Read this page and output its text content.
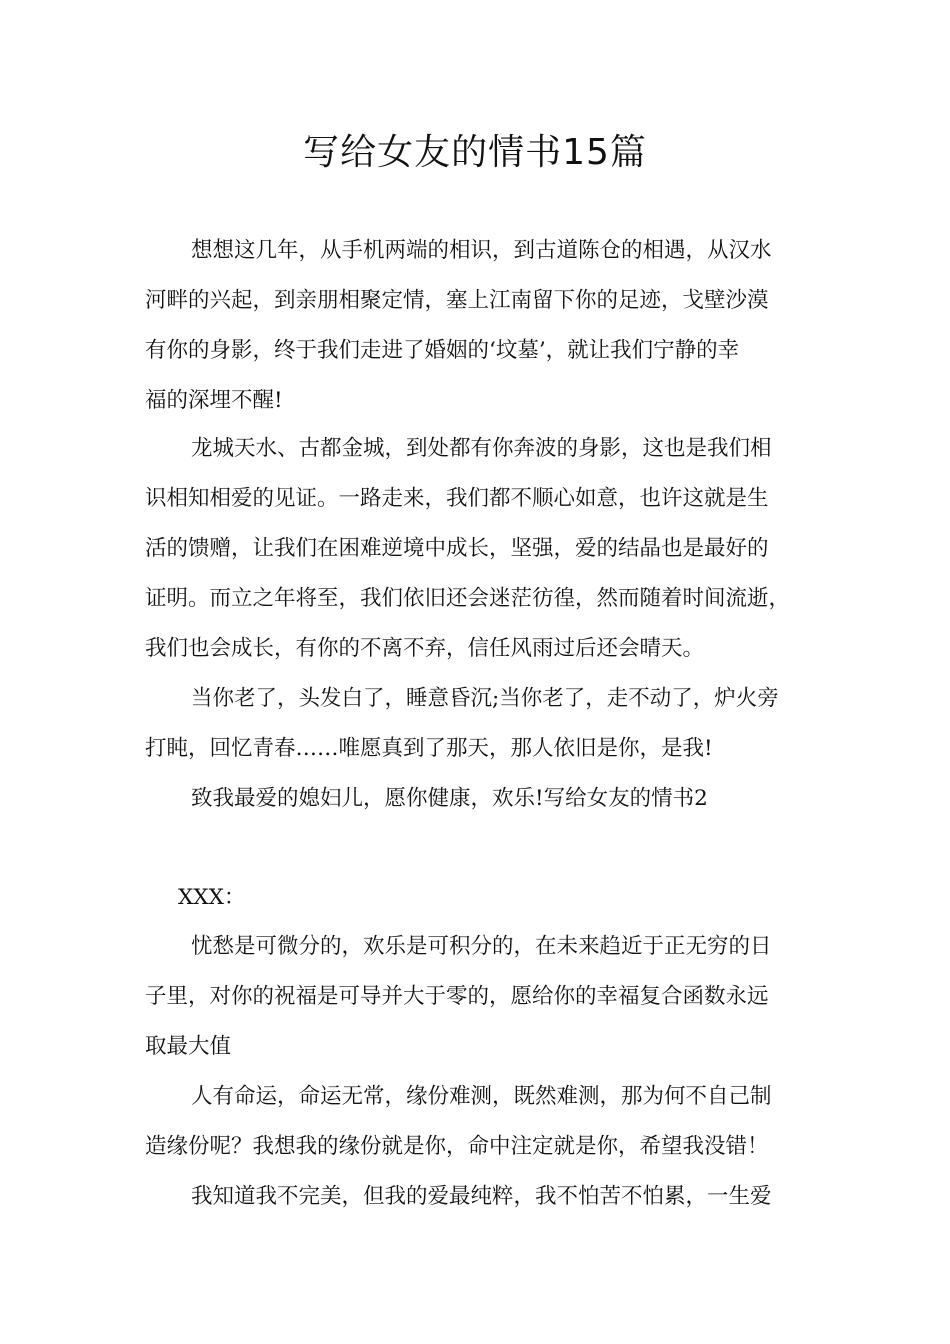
写给女友的情书15篇

想想这几年，从手机两端的相识，到古道陈仓的相遇，从汉水

河畔的兴起，到亲朋相聚定情，塞上江南留下你的足迹，戈壁沙漠

有你的身影，终于我们走进了婚姻的‘坟墓’，就让我们宁静的幸

福的深埋不醒!

龙城天水、古都金城，到处都有你奔波的身影，这也是我们相

识相知相爱的见证。一路走来，我们都不顺心如意，也许这就是生

活的馈赠，让我们在困难逆境中成长，坚强，爱的结晶也是最好的

证明。而立之年将至，我们依旧还会迷茫彷徨，然而随着时间流逝，

我们也会成长，有你的不离不弃，信任风雨过后还会晴天。

当你老了，头发白了，睡意昏沉;当你老了，走不动了，炉火旁

打盹，回忆青春……唯愿真到了那天，那人依旧是你，是我!

致我最爱的媳妇儿，愿你健康，欢乐!写给女友的情书2

XXX：

忧愁是可微分的，欢乐是可积分的，在未来趋近于正无穷的日

子里，对你的祝福是可导并大于零的，愿给你的幸福复合函数永远

取最大值

人有命运，命运无常，缘份难测，既然难测，那为何不自己制

造缘份呢？我想我的缘份就是你，命中注定就是你，希望我没错！

我知道我不完美，但我的爱最纯粹，我不怕苦不怕累，一生爱
